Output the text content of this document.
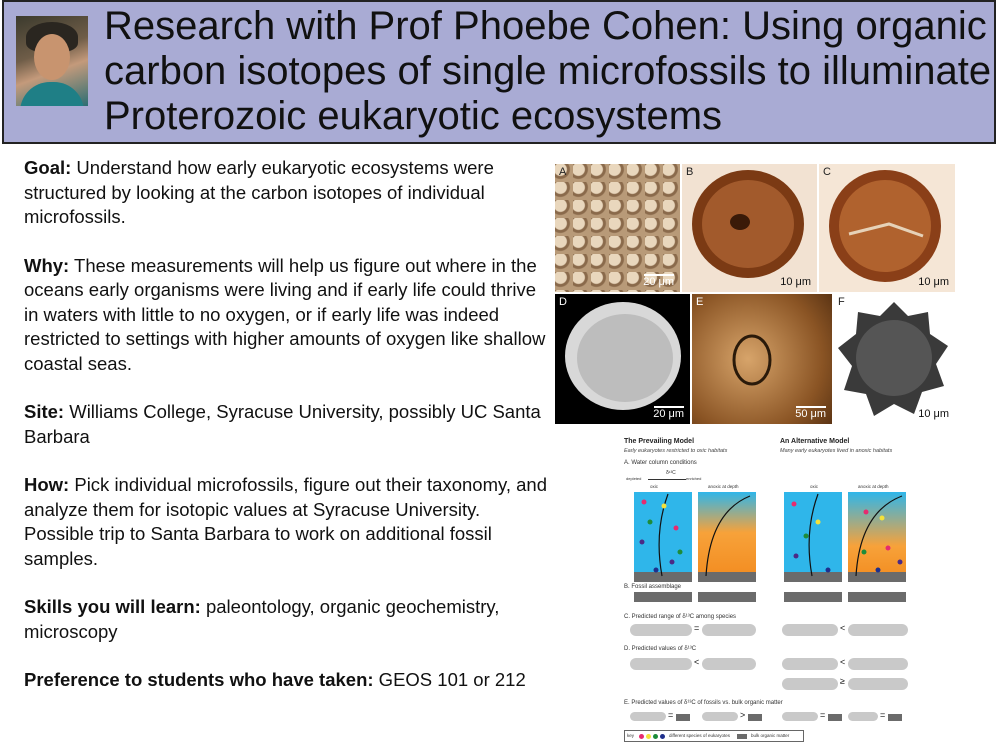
Research with Prof Phoebe Cohen: Using organic carbon isotopes of single microfossils to illuminate Proterozoic eukaryotic ecosystems

Goal: Understand how early eukaryotic ecosystems were structured by looking at the carbon isotopes of individual microfossils.

Why: These measurements will help us figure out where in the oceans early organisms were living and if early life could thrive in waters with little to no oxygen, or if early life was indeed restricted to settings with higher amounts of oxygen like shallow coastal seas.

Site: Williams College, Syracuse University, possibly UC Santa Barbara

How: Pick individual microfossils, figure out their taxonomy, and analyze them for isotopic values at Syracuse University. Possible trip to Santa Barbara to work on additional fossil samples.

Skills you will learn: paleontology, organic geochemistry, microscopy

Preference to students who have taken: GEOS 101 or 212

A
20 μm
B
10 μm
C
10 μm
D
20 μm
E
50 μm
F
10 μm
The Prevailing Model
Early eukaryotes restricted to oxic habitats
An Alternative Model
Many early eukaryotes lived in anoxic habitats
A. Water column conditions
δ¹³C
depleted	enriched
oxic	anoxic at depth	oxic	anoxic at depth
B. Fossil assemblage
C. Predicted range of δ¹³C among species
=	<
D. Predicted values of δ¹³C
<	<
≥
E. Predicted values of δ¹³C of fossils vs. bulk organic matter
=	>	=	=
key	different species of eukaryotes	bulk organic matter
